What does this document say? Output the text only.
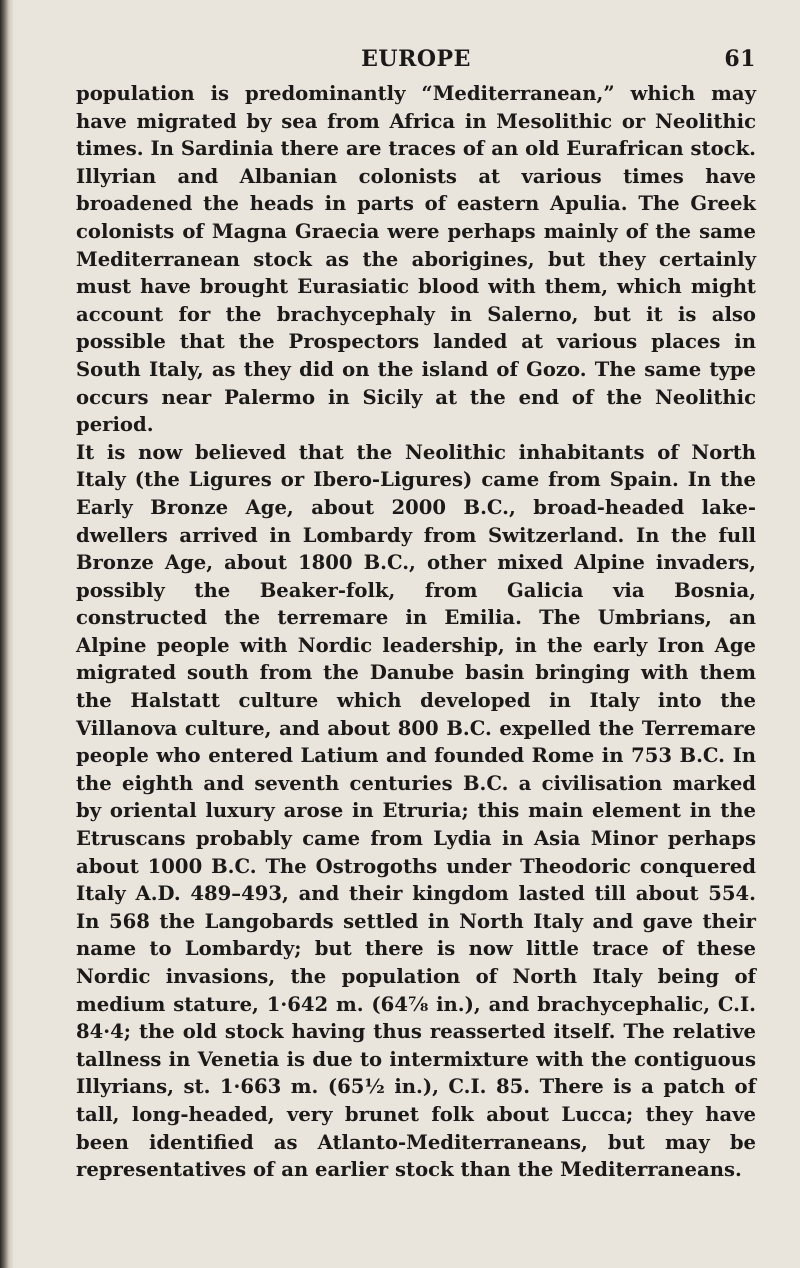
EUROPE	61

population is predominantly “Mediterranean,” which may have migrated by sea from Africa in Mesolithic or Neolithic times. In Sardinia there are traces of an old Eurafrican stock. Illyrian and Albanian colonists at various times have broadened the heads in parts of eastern Apulia. The Greek colonists of Magna Graecia were perhaps mainly of the same Mediterranean stock as the aborigines, but they certainly must have brought Eurasiatic blood with them, which might account for the brachycephaly in Salerno, but it is also possible that the Prospectors landed at various places in South Italy, as they did on the island of Gozo. The same type occurs near Palermo in Sicily at the end of the Neolithic period.

It is now believed that the Neolithic inhabitants of North Italy (the Ligures or Ibero-Ligures) came from Spain. In the Early Bronze Age, about 2000 B.C., broad-headed lake-dwellers arrived in Lombardy from Switzerland. In the full Bronze Age, about 1800 B.C., other mixed Alpine invaders, possibly the Beaker-folk, from Galicia via Bosnia, constructed the terremare in Emilia. The Umbrians, an Alpine people with Nordic leadership, in the early Iron Age migrated south from the Danube basin bringing with them the Halstatt culture which developed in Italy into the Villanova culture, and about 800 B.C. expelled the Terremare people who entered Latium and founded Rome in 753 B.C. In the eighth and seventh centuries B.C. a civilisation marked by oriental luxury arose in Etruria; this main element in the Etruscans probably came from Lydia in Asia Minor perhaps about 1000 B.C. The Ostrogoths under Theodoric conquered Italy A.D. 489–493, and their kingdom lasted till about 554. In 568 the Langobards settled in North Italy and gave their name to Lombardy; but there is now little trace of these Nordic invasions, the population of North Italy being of medium stature, 1·642 m. (64⅞ in.), and brachycephalic, C.I. 84·4; the old stock having thus reasserted itself. The relative tallness in Venetia is due to intermixture with the contiguous Illyrians, st. 1·663 m. (65½ in.), C.I. 85. There is a patch of tall, long-headed, very brunet folk about Lucca; they have been identified as Atlanto-Mediterraneans, but may be representatives of an earlier stock than the Mediterraneans.
